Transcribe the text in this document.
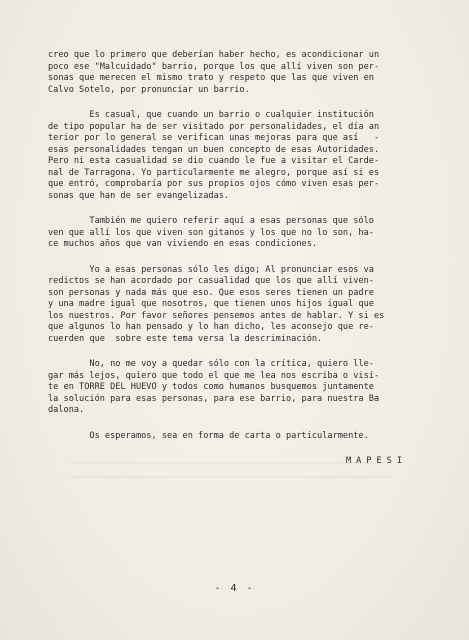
creo que lo primero que deberían haber hecho, es acondicionar un
poco ese "Malcuidado" barrio, porque los que allí viven son per-
sonas que merecen el mismo trato y respeto que las que viven en
Calvo Sotelo, por pronunciar un barrio.
Es casual, que cuando un barrio o cualquier institución
de tipo popular ha de ser visitado por personalidades, el día an
terior por lo general se verifican unas mejoras para que así   -
esas personalidades tengan un buen concepto de esas Autoridades.
Pero ni esta casualidad se dio cuando le fue a visitar el Carde-
nal de Tarragona. Yo particularmente me alegro, porque así si es
que entró, comprobaría por sus propios ojos cómo viven esas per-
sonas que han de ser evangelizadas.
También me quiero referir aquí a esas personas que sólo
ven que allí los que viven son gitanos y los que no lo son, ha-
ce muchos años que van viviendo en esas condiciones.
Yo a esas personas sólo les digo; Al pronunciar esos va
redictos se han acordado por casualidad que los que allí viven-
son personas y nada más que eso. Que esos seres tienen un padre
y una madre igual que nosotros, que tienen unos hijos igual que
los nuestros. Por favor señores pensemos antes de hablar. Y si es
que algunos lo han pensado y lo han dicho, les aconsejo que re-
cuerden que  sobre este tema versa la descriminación.
No, no me voy a quedar sólo con la crítica, quiero lle-
gar más lejos, quiero que todo el que me lea nos escriba o visi-
te en TORRE DEL HUEVO y todos como humanos busquemos juntamente
la solución para esas personas, para ese barrio, para nuestra Ba
dalona.
Os esperamos, sea en forma de carta o particularmente.
MAPESI
- 4 -
